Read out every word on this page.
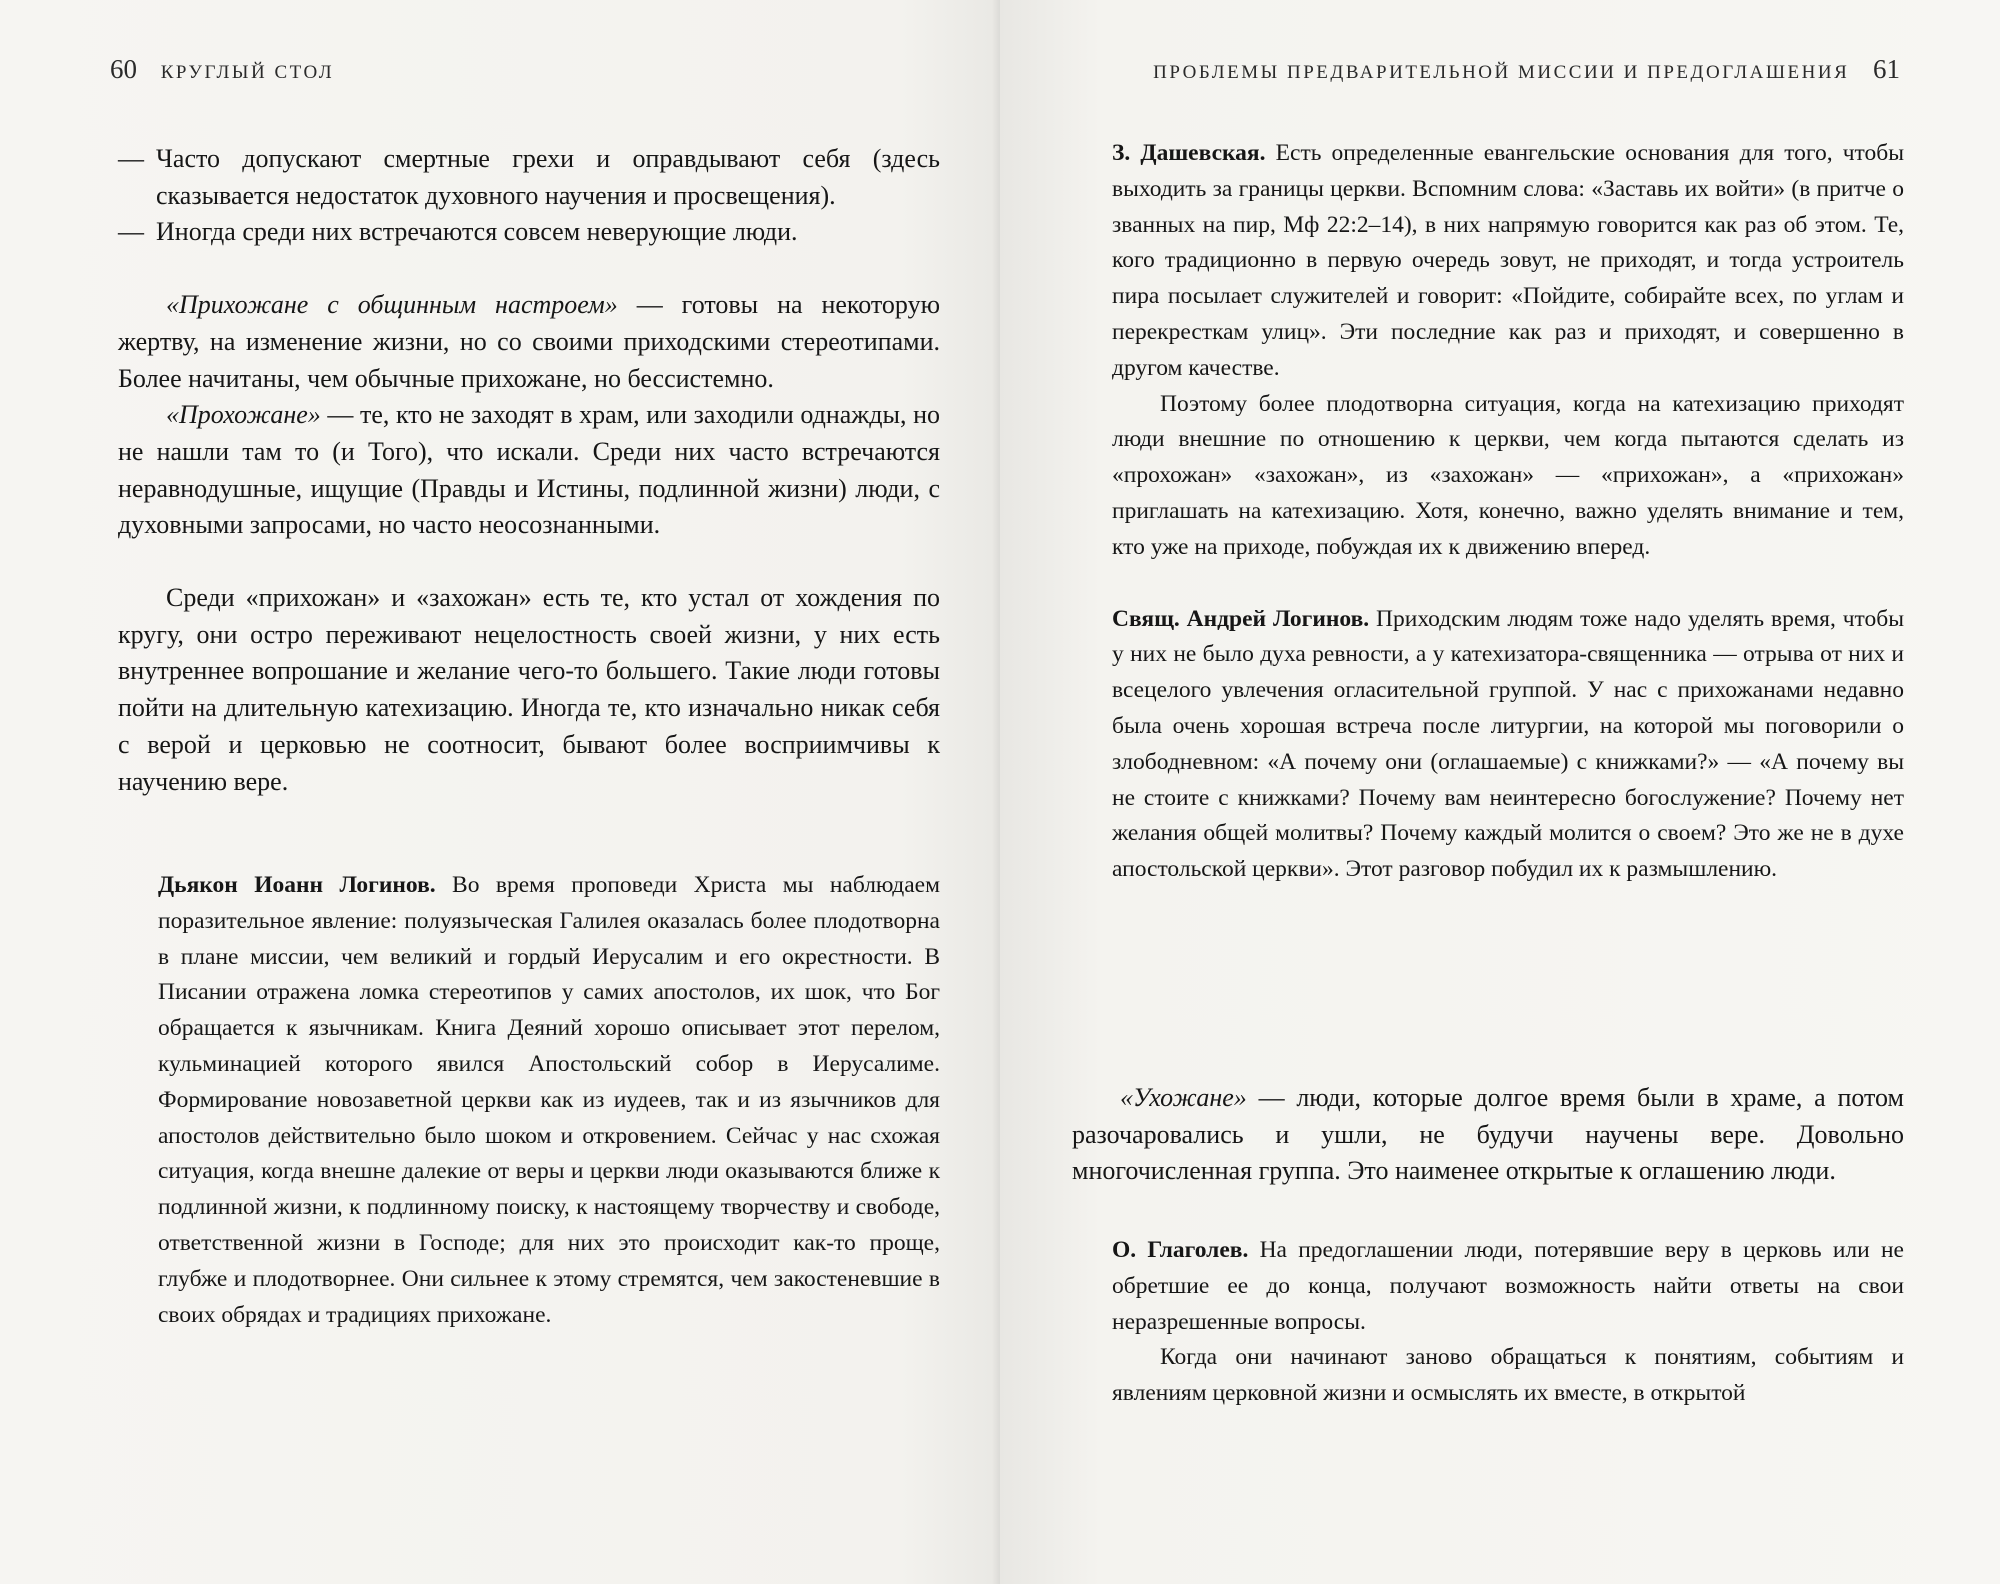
60 КРУГЛЫЙ СТОЛ
— Часто допускают смертные грехи и оправдывают себя (здесь сказывается недостаток духовного научения и просвещения).
— Иногда среди них встречаются совсем неверующие люди.

«Прихожане с общинным настроем» — готовы на некоторую жертву, на изменение жизни, но со своими приходскими стереотипами. Более начитаны, чем обычные прихожане, но бессистемно.

«Прохожане» — те, кто не заходят в храм, или заходили однажды, но не нашли там то (и Того), что искали. Среди них часто встречаются неравнодушные, ищущие (Правды и Истины, подлинной жизни) люди, с духовными запросами, но часто неосознанными.

Среди «прихожан» и «захожан» есть те, кто устал от хождения по кругу, они остро переживают нецелостность своей жизни, у них есть внутреннее вопрошание и желание чего-то большего. Такие люди готовы пойти на длительную катехизацию. Иногда те, кто изначально никак себя с верой и церковью не соотносит, бывают более восприимчивы к научению вере.

Дьякон Иоанн Логинов. Во время проповеди Христа мы наблюдаем поразительное явление: полуязыческая Галилея оказалась более плодотворна в плане миссии, чем великий и гордый Иерусалим и его окрестности. В Писании отражена ломка стереотипов у самих апостолов, их шок, что Бог обращается к язычникам. Книга Деяний хорошо описывает этот перелом, кульминацией которого явился Апостольский собор в Иерусалиме. Формирование новозаветной церкви как из иудеев, так и из язычников для апостолов действительно было шоком и откровением. Сейчас у нас схожая ситуация, когда внешне далекие от веры и церкви люди оказываются ближе к подлинной жизни, к подлинному поиску, к настоящему творчеству и свободе, ответственной жизни в Господе; для них это происходит как-то проще, глубже и плодотворнее. Они сильнее к этому стремятся, чем закостеневшие в своих обрядах и традициях прихожане.

ПРОБЛЕМЫ ПРЕДВАРИТЕЛЬНОЙ МИССИИ И ПРЕДОГЛАШЕНИЯ 61

З. Дашевская. Есть определенные евангельские основания для того, чтобы выходить за границы церкви. Вспомним слова: «Заставь их войти» (в притче о званных на пир, Мф 22:2–14), в них напрямую говорится как раз об этом. Те, кого традиционно в первую очередь зовут, не приходят, и тогда устроитель пира посылает служителей и говорит: «Пойдите, собирайте всех, по углам и перекресткам улиц». Эти последние как раз и приходят, и совершенно в другом качестве.

Поэтому более плодотворна ситуация, когда на катехизацию приходят люди внешние по отношению к церкви, чем когда пытаются сделать из «прохожан» «захожан», из «захожан» — «прихожан», а «прихожан» приглашать на катехизацию. Хотя, конечно, важно уделять внимание и тем, кто уже на приходе, побуждая их к движению вперед.

Свящ. Андрей Логинов. Приходским людям тоже надо уделять время, чтобы у них не было духа ревности, а у катехизатора-священника — отрыва от них и всецелого увлечения огласительной группой. У нас с прихожанами недавно была очень хорошая встреча после литургии, на которой мы поговорили о злободневном: «А почему они (оглашаемые) с книжками?» — «А почему вы не стоите с книжками? Почему вам неинтересно богослужение? Почему нет желания общей молитвы? Почему каждый молится о своем? Это же не в духе апостольской церкви». Этот разговор побудил их к размышлению.

«Ухожане» — люди, которые долгое время были в храме, а потом разочаровались и ушли, не будучи научены вере. Довольно многочисленная группа. Это наименее открытые к оглашению люди.

О. Глаголев. На предоглашении люди, потерявшие веру в церковь или не обретшие ее до конца, получают возможность найти ответы на свои неразрешенные вопросы.

Когда они начинают заново обращаться к понятиям, событиям и явлениям церковной жизни и осмыслять их вместе, в открытой
